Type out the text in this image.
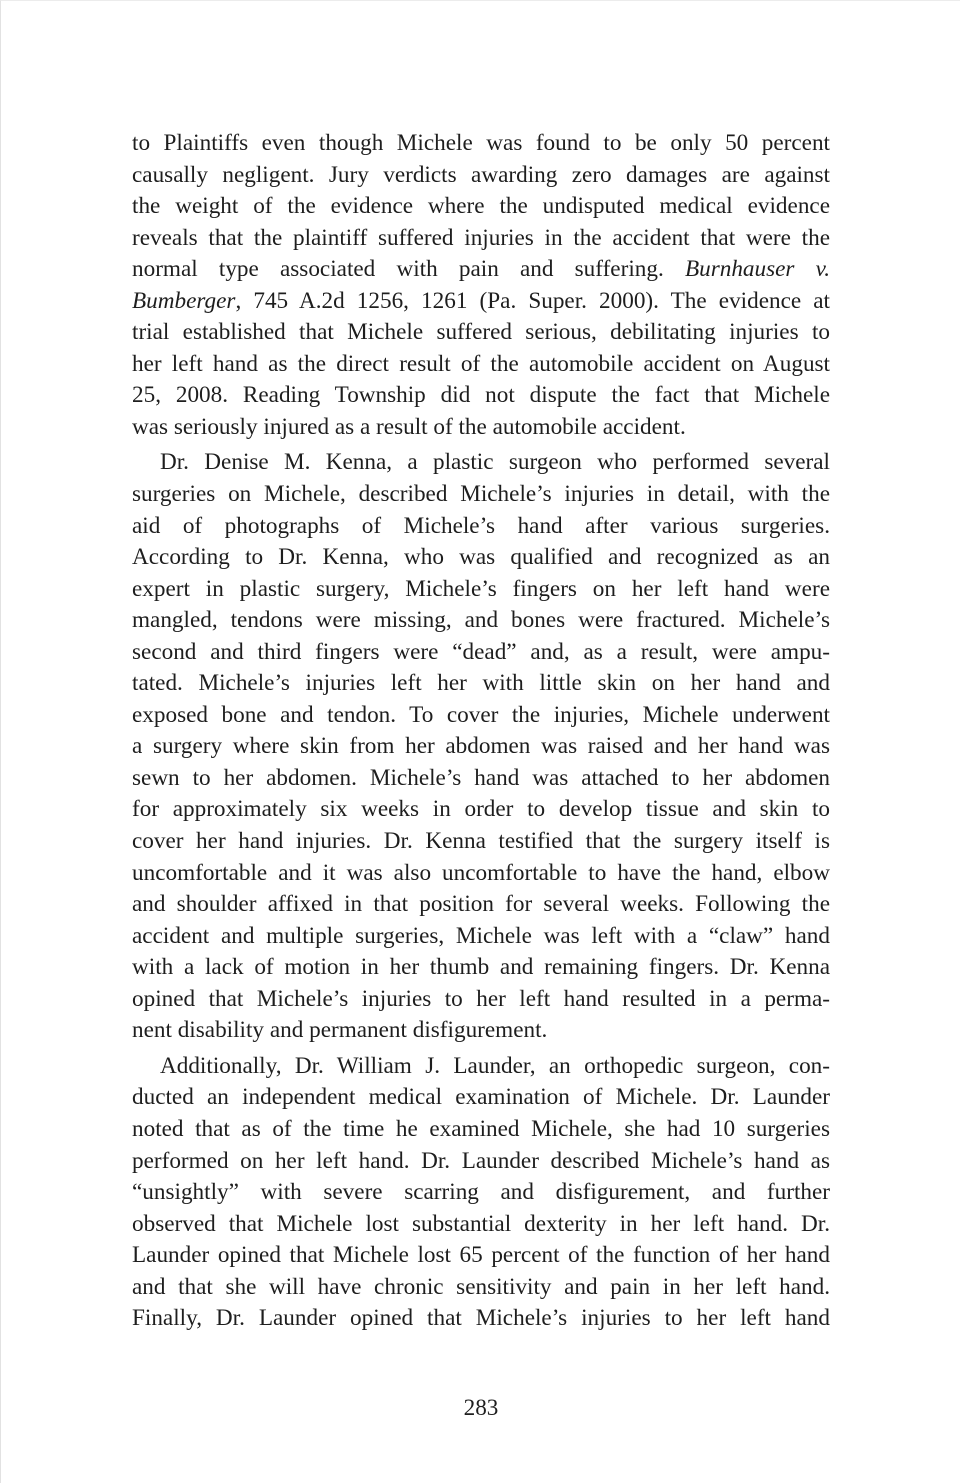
to Plaintiffs even though Michele was found to be only 50 percent
causally negligent. Jury verdicts awarding zero damages are against
the weight of the evidence where the undisputed medical evidence
reveals that the plaintiff suffered injuries in the accident that were the
normal type associated with pain and suffering. Burnhauser v.
Bumberger, 745 A.2d 1256, 1261 (Pa. Super. 2000). The evidence at
trial established that Michele suffered serious, debilitating injuries to
her left hand as the direct result of the automobile accident on August
25, 2008. Reading Township did not dispute the fact that Michele
was seriously injured as a result of the automobile accident.
Dr. Denise M. Kenna, a plastic surgeon who performed several
surgeries on Michele, described Michele’s injuries in detail, with the
aid of photographs of Michele’s hand after various surgeries.
According to Dr. Kenna, who was qualified and recognized as an
expert in plastic surgery, Michele’s fingers on her left hand were
mangled, tendons were missing, and bones were fractured. Michele’s
second and third fingers were “dead” and, as a result, were ampu-
tated. Michele’s injuries left her with little skin on her hand and
exposed bone and tendon. To cover the injuries, Michele underwent
a surgery where skin from her abdomen was raised and her hand was
sewn to her abdomen. Michele’s hand was attached to her abdomen
for approximately six weeks in order to develop tissue and skin to
cover her hand injuries. Dr. Kenna testified that the surgery itself is
uncomfortable and it was also uncomfortable to have the hand, elbow
and shoulder affixed in that position for several weeks. Following the
accident and multiple surgeries, Michele was left with a “claw” hand
with a lack of motion in her thumb and remaining fingers. Dr. Kenna
opined that Michele’s injuries to her left hand resulted in a perma-
nent disability and permanent disfigurement.
Additionally, Dr. William J. Launder, an orthopedic surgeon, con-
ducted an independent medical examination of Michele. Dr. Launder
noted that as of the time he examined Michele, she had 10 surgeries
performed on her left hand. Dr. Launder described Michele’s hand as
“unsightly” with severe scarring and disfigurement, and further
observed that Michele lost substantial dexterity in her left hand. Dr.
Launder opined that Michele lost 65 percent of the function of her hand
and that she will have chronic sensitivity and pain in her left hand.
Finally, Dr. Launder opined that Michele’s injuries to her left hand
283
